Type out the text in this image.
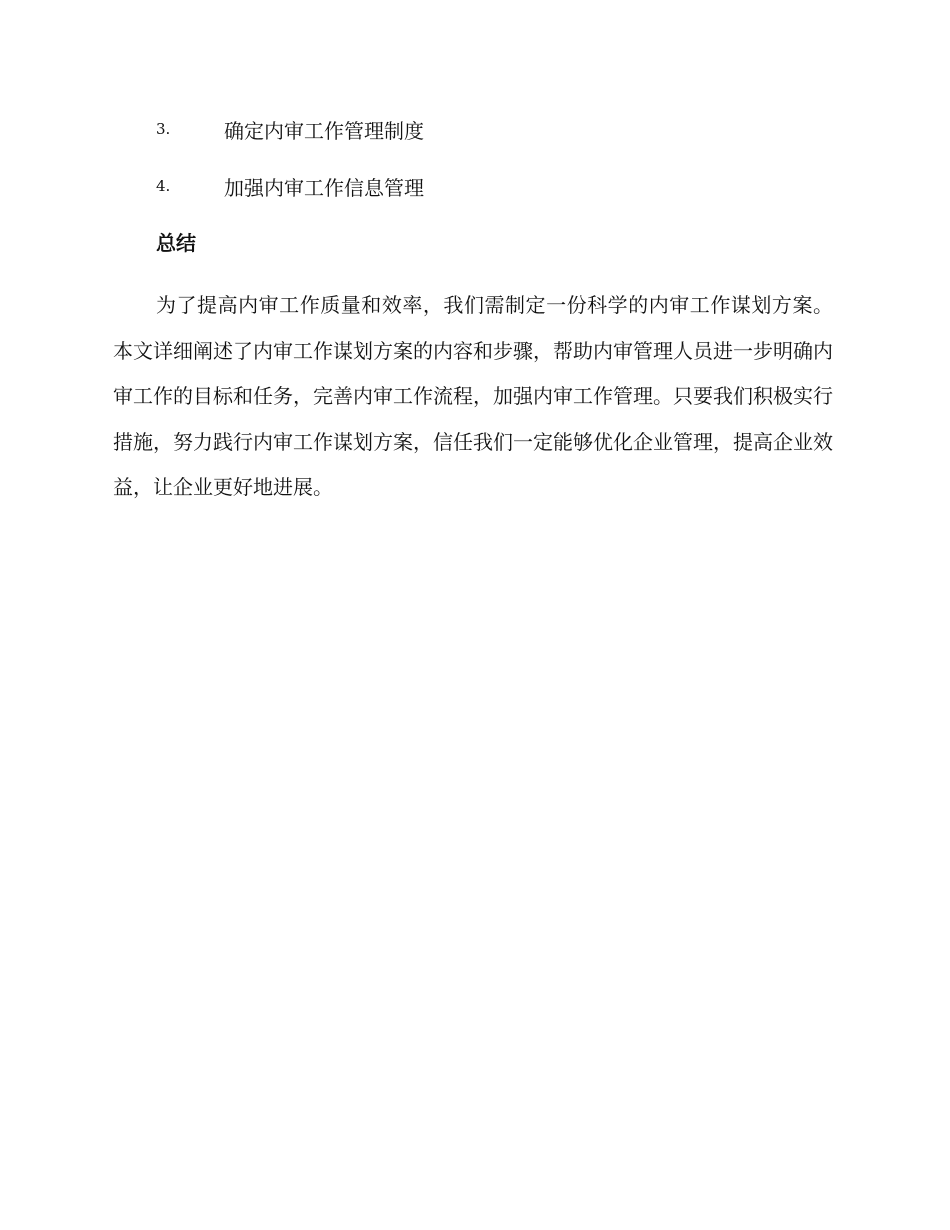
3.	确定内审工作管理制度
4.	加强内审工作信息管理
总结

为了提高内审工作质量和效率，我们需制定一份科学的内审工作谋划方案。本文详细阐述了内审工作谋划方案的内容和步骤，帮助内审管理人员进一步明确内审工作的目标和任务，完善内审工作流程，加强内审工作管理。只要我们积极实行措施，努力践行内审工作谋划方案，信任我们一定能够优化企业管理，提高企业效益，让企业更好地进展。
